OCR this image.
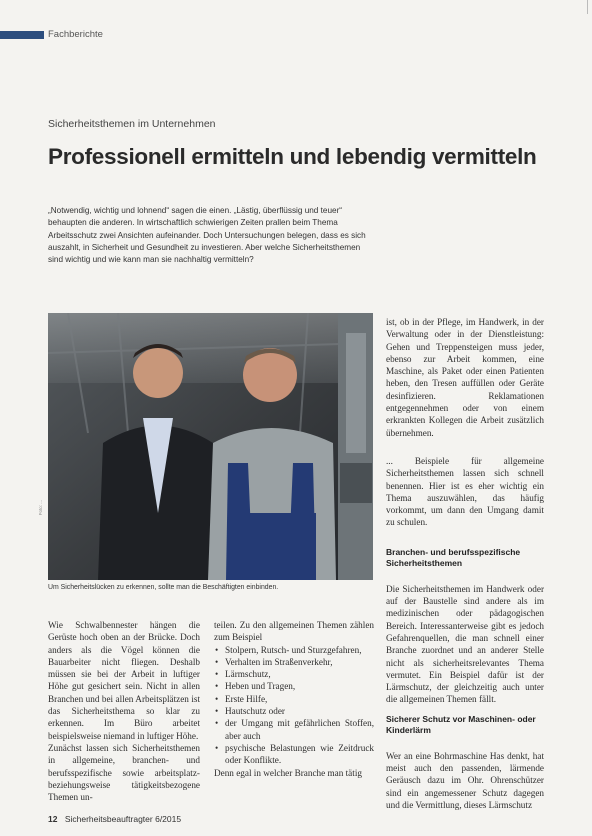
Fachberichte
Sicherheitsthemen im Unternehmen
Professionell ermitteln und lebendig vermitteln

„Notwendig, wichtig und lohnend“ sagen die einen. „Lästig, überflüssig und teuer“ behaupten die anderen. In wirtschaftlich schwierigen Zeiten prallen beim Thema Arbeitsschutz zwei Ansichten aufeinander. Doch Untersuchungen belegen, dass es sich auszahlt, in Sicherheit und Gesundheit zu investieren. Aber welche Sicherheitsthemen sind wichtig und wie kann man sie nachhaltig vermitteln?

Foto: ...
Um Sicherheitslücken zu erkennen, sollte man die Beschäftigten einbinden.

Wie Schwalbennester hängen die Gerüste hoch oben an der Brücke. Doch anders als die Vögel können die Bauarbeiter nicht fliegen. Deshalb müssen sie bei der Arbeit in luftiger Höhe gut gesichert sein. Nicht in allen Branchen und bei allen Arbeitsplätzen ist das Sicherheitsthema so klar zu erkennen. Im Büro arbeitet beispielsweise niemand in luftiger Höhe.
Zunächst lassen sich Sicherheitsthemen in allgemeine, branchen- und berufsspezifische sowie arbeitsplatz- beziehungsweise tätigkeitsbezogene Themen un-

teilen. Zu den allgemeinen Themen zählen zum Beispiel

• Stolpern, Rutsch- und Sturzgefahren,
• Verhalten im Straßenverkehr,
• Lärmschutz,
• Heben und Tragen,
• Erste Hilfe,
• Hautschutz oder
• der Umgang mit gefährlichen Stoffen, aber auch
• psychische Belastungen wie Zeitdruck oder Konflikte.

Denn egal in welcher Branche man tätig

ist, ob in der Pflege, im Handwerk, in der Verwaltung oder in der Dienstleistung: Gehen und Treppensteigen muss jeder, ebenso zur Arbeit kommen, eine Maschine, als Paket oder einen Patienten heben, den Tresen auffüllen oder Geräte desinfizieren. Reklamationen entgegennehmen oder von einem erkrankten Kollegen die Arbeit zusätzlich übernehmen.

... Beispiele für allgemeine Sicherheitsthemen lassen sich schnell benennen. Hier ist es eher wichtig ein Thema auszuwählen, das häufig vorkommt, um dann den Umgang damit zu schulen.

Branchen- und berufsspezifische Sicherheitsthemen

Die Sicherheitsthemen im Handwerk oder auf der Baustelle sind andere als im medizinischen oder pädagogischen Bereich. Interessanterweise gibt es jedoch Gefahrenquellen, die man schnell einer Branche zuordnet und an anderer Stelle nicht als sicherheitsrelevantes Thema vermutet. Ein Beispiel dafür ist der Lärmschutz, der gleichzeitig auch unter die allgemeinen Themen fällt.

Sicherer Schutz vor Maschinen- oder Kinderlärm

Wer an eine Bohrmaschine Has denkt, hat meist auch den passenden, lärmende Geräusch dazu im Ohr. Ohrenschützer sind ein angemessener Schutz dagegen und die Vermittlung, dieses Lärmschutz

12 Sicherheitsbeauftragter 6/2015
